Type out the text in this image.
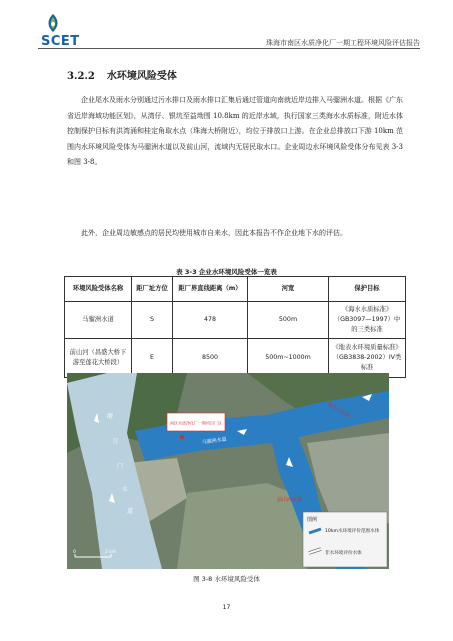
SCET	珠海市南区水质净化厂一期工程环境风险评估报告
3.2.2 水环境风险受体
企业尾水及雨水分别通过污水排口及雨水排口汇集后通过管道向南就近岸边排入马骝洲水道。根据《广东省近岸海域功能区划》，从湾仔、银坑至益坳围 10.8km 的近岸水域，执行国家三类海水水质标准，附近水体控制保护目标有洪湾涌和桂定角取水点（珠海大桥附近），均位于排放口上游。在企业总排放口下游 10km 范围内水环境风险受体为马骝洲水道以及前山河，流域内无居民取水口。企业周边水环境风险受体分布见表 3-3 和图 3-8。
此外，企业周边敏感点的居民均使用城市自来水，因此本报告不作企业地下水的评估。
表 3-3 企业水环境风险受体一览表
环境风险受体名称	距厂址方位	距厂界直线距离（m）	河宽	保护目标
马骝洲水道	S	478	500m	《海水水质标准》（GB3097—1997）中的三类标准
前山河（昌盛大桥下游至莲花大桥段）	E	8500	500m~1000m	《地表水环境质量标准》（GB3838-2002）IV类标准
南区水质净化厂一期项目厂区
磨
刀
门
水
道
马骝洲水道
前山河水体
珠江口水体
0	2 km
图例
10km水环境评价范围水体
非水环境评价水体
图 3-8 水环境风险受体
17
